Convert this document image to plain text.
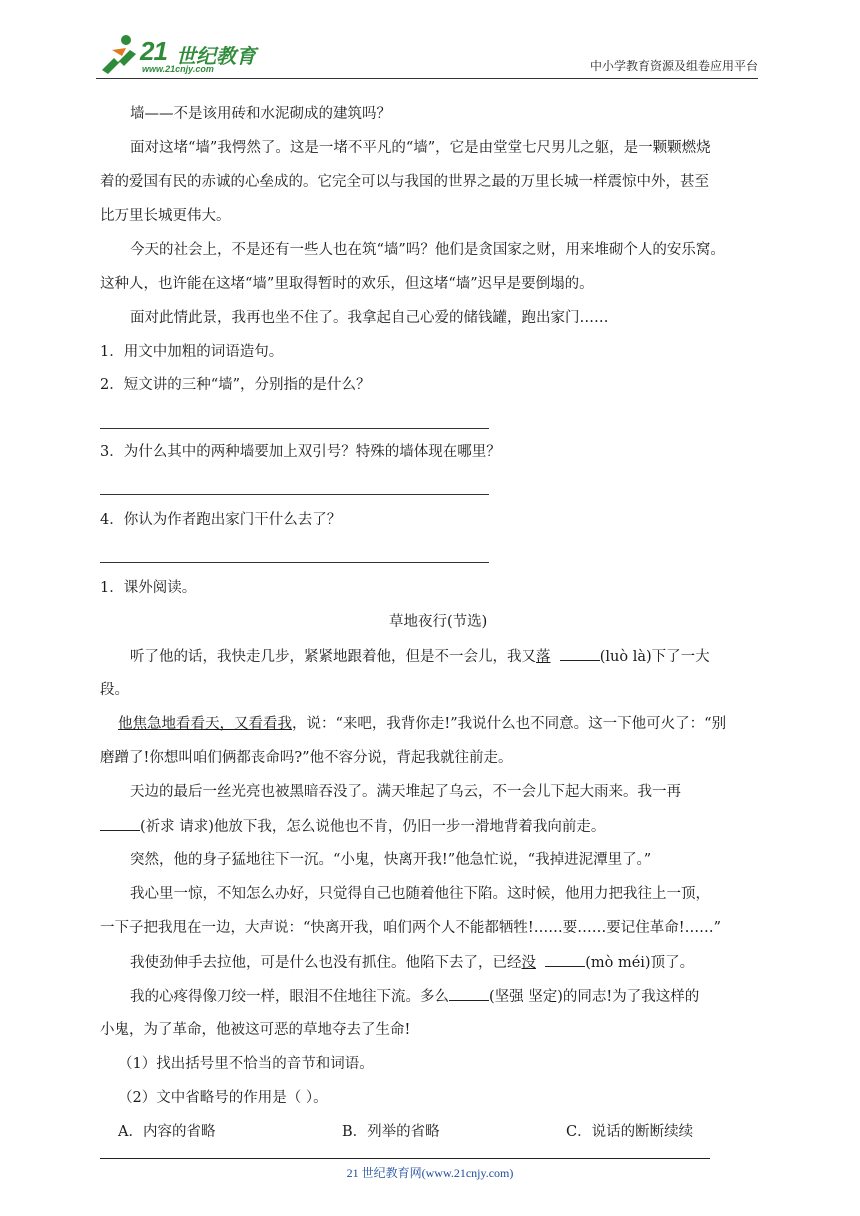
21 世纪教育
www.21cnjy.com	中小学教育资源及组卷应用平台
墙——不是该用砖和水泥砌成的建筑吗？
面对这堵“墙”我愕然了。这是一堵不平凡的“墙”，它是由堂堂七尺男儿之躯，是一颗颗燃烧
着的爱国有民的赤诚的心垒成的。它完全可以与我国的世界之最的万里长城一样震惊中外，甚至
比万里长城更伟大。
今天的社会上，不是还有一些人也在筑“墙”吗？他们是贪国家之财，用来堆砌个人的安乐窝。
这种人，也许能在这堵“墙”里取得暂时的欢乐，但这堵“墙”迟早是要倒塌的。
面对此情此景，我再也坐不住了。我拿起自己心爱的储钱罐，跑出家门……
1．用文中加粗的词语造句。
2．短文讲的三种“墙”，分别指的是什么？
3．为什么其中的两种墙要加上双引号？特殊的墙体现在哪里？
4．你认为作者跑出家门干什么去了？
1．课外阅读。
草地夜行(节选)
听了他的话，我快走几步，紧紧地跟着他，但是不一会儿，我又落	(luò là)下了一大
段。
他焦急地看看天，又看看我，说：“来吧，我背你走!”我说什么也不同意。这一下他可火了：“别
磨蹭了!你想叫咱们俩都丧命吗?”他不容分说，背起我就往前走。
天边的最后一丝光亮也被黑暗吞没了。满天堆起了乌云，不一会儿下起大雨来。我一再
(祈求 请求)他放下我，怎么说他也不肯，仍旧一步一滑地背着我向前走。
突然，他的身子猛地往下一沉。“小鬼，快离开我!”他急忙说，“我掉进泥潭里了。”
我心里一惊，不知怎么办好，只觉得自己也随着他往下陷。这时候，他用力把我往上一顶，
一下子把我甩在一边，大声说：“快离开我，咱们两个人不能都牺牲!……要……要记住革命!……”
我使劲伸手去拉他，可是什么也没有抓住。他陷下去了，已经没	(mò méi)顶了。
我的心疼得像刀绞一样，眼泪不住地往下流。多么	(坚强 坚定)的同志!为了我这样的
小鬼，为了革命，他被这可恶的草地夺去了生命!
（1）找出括号里不恰当的音节和词语。
（2）文中省略号的作用是（ ）。
A．内容的省略	B．列举的省略	C．说话的断断续续
21 世纪教育网(www.21cnjy.com)
